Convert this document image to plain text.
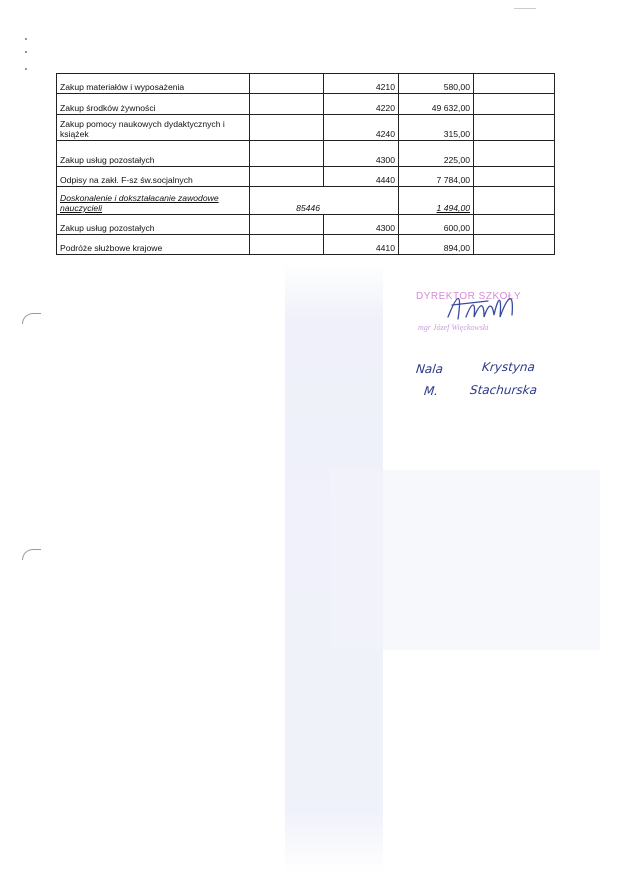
Zakup materiałów i wyposażenia		4210	580,00	
Zakup środków żywności		4220	49 632,00	
Zakup pomocy naukowych dydaktycznych i książek		4240	315,00	
Zakup usług pozostałych		4300	225,00	
Odpisy na zakł. F-sz św.socjalnych		4440	7 784,00	
Doskonalenie i dokształacanie zawodowe nauczycieli	85446		1 494,00	
Zakup usług pozostałych		4300	600,00	
Podróże służbowe krajowe		4410	894,00	
DYREKTOR SZKOŁY
mgr Józef Więckowski
Nala	Krystyna
M.	Stachurska
